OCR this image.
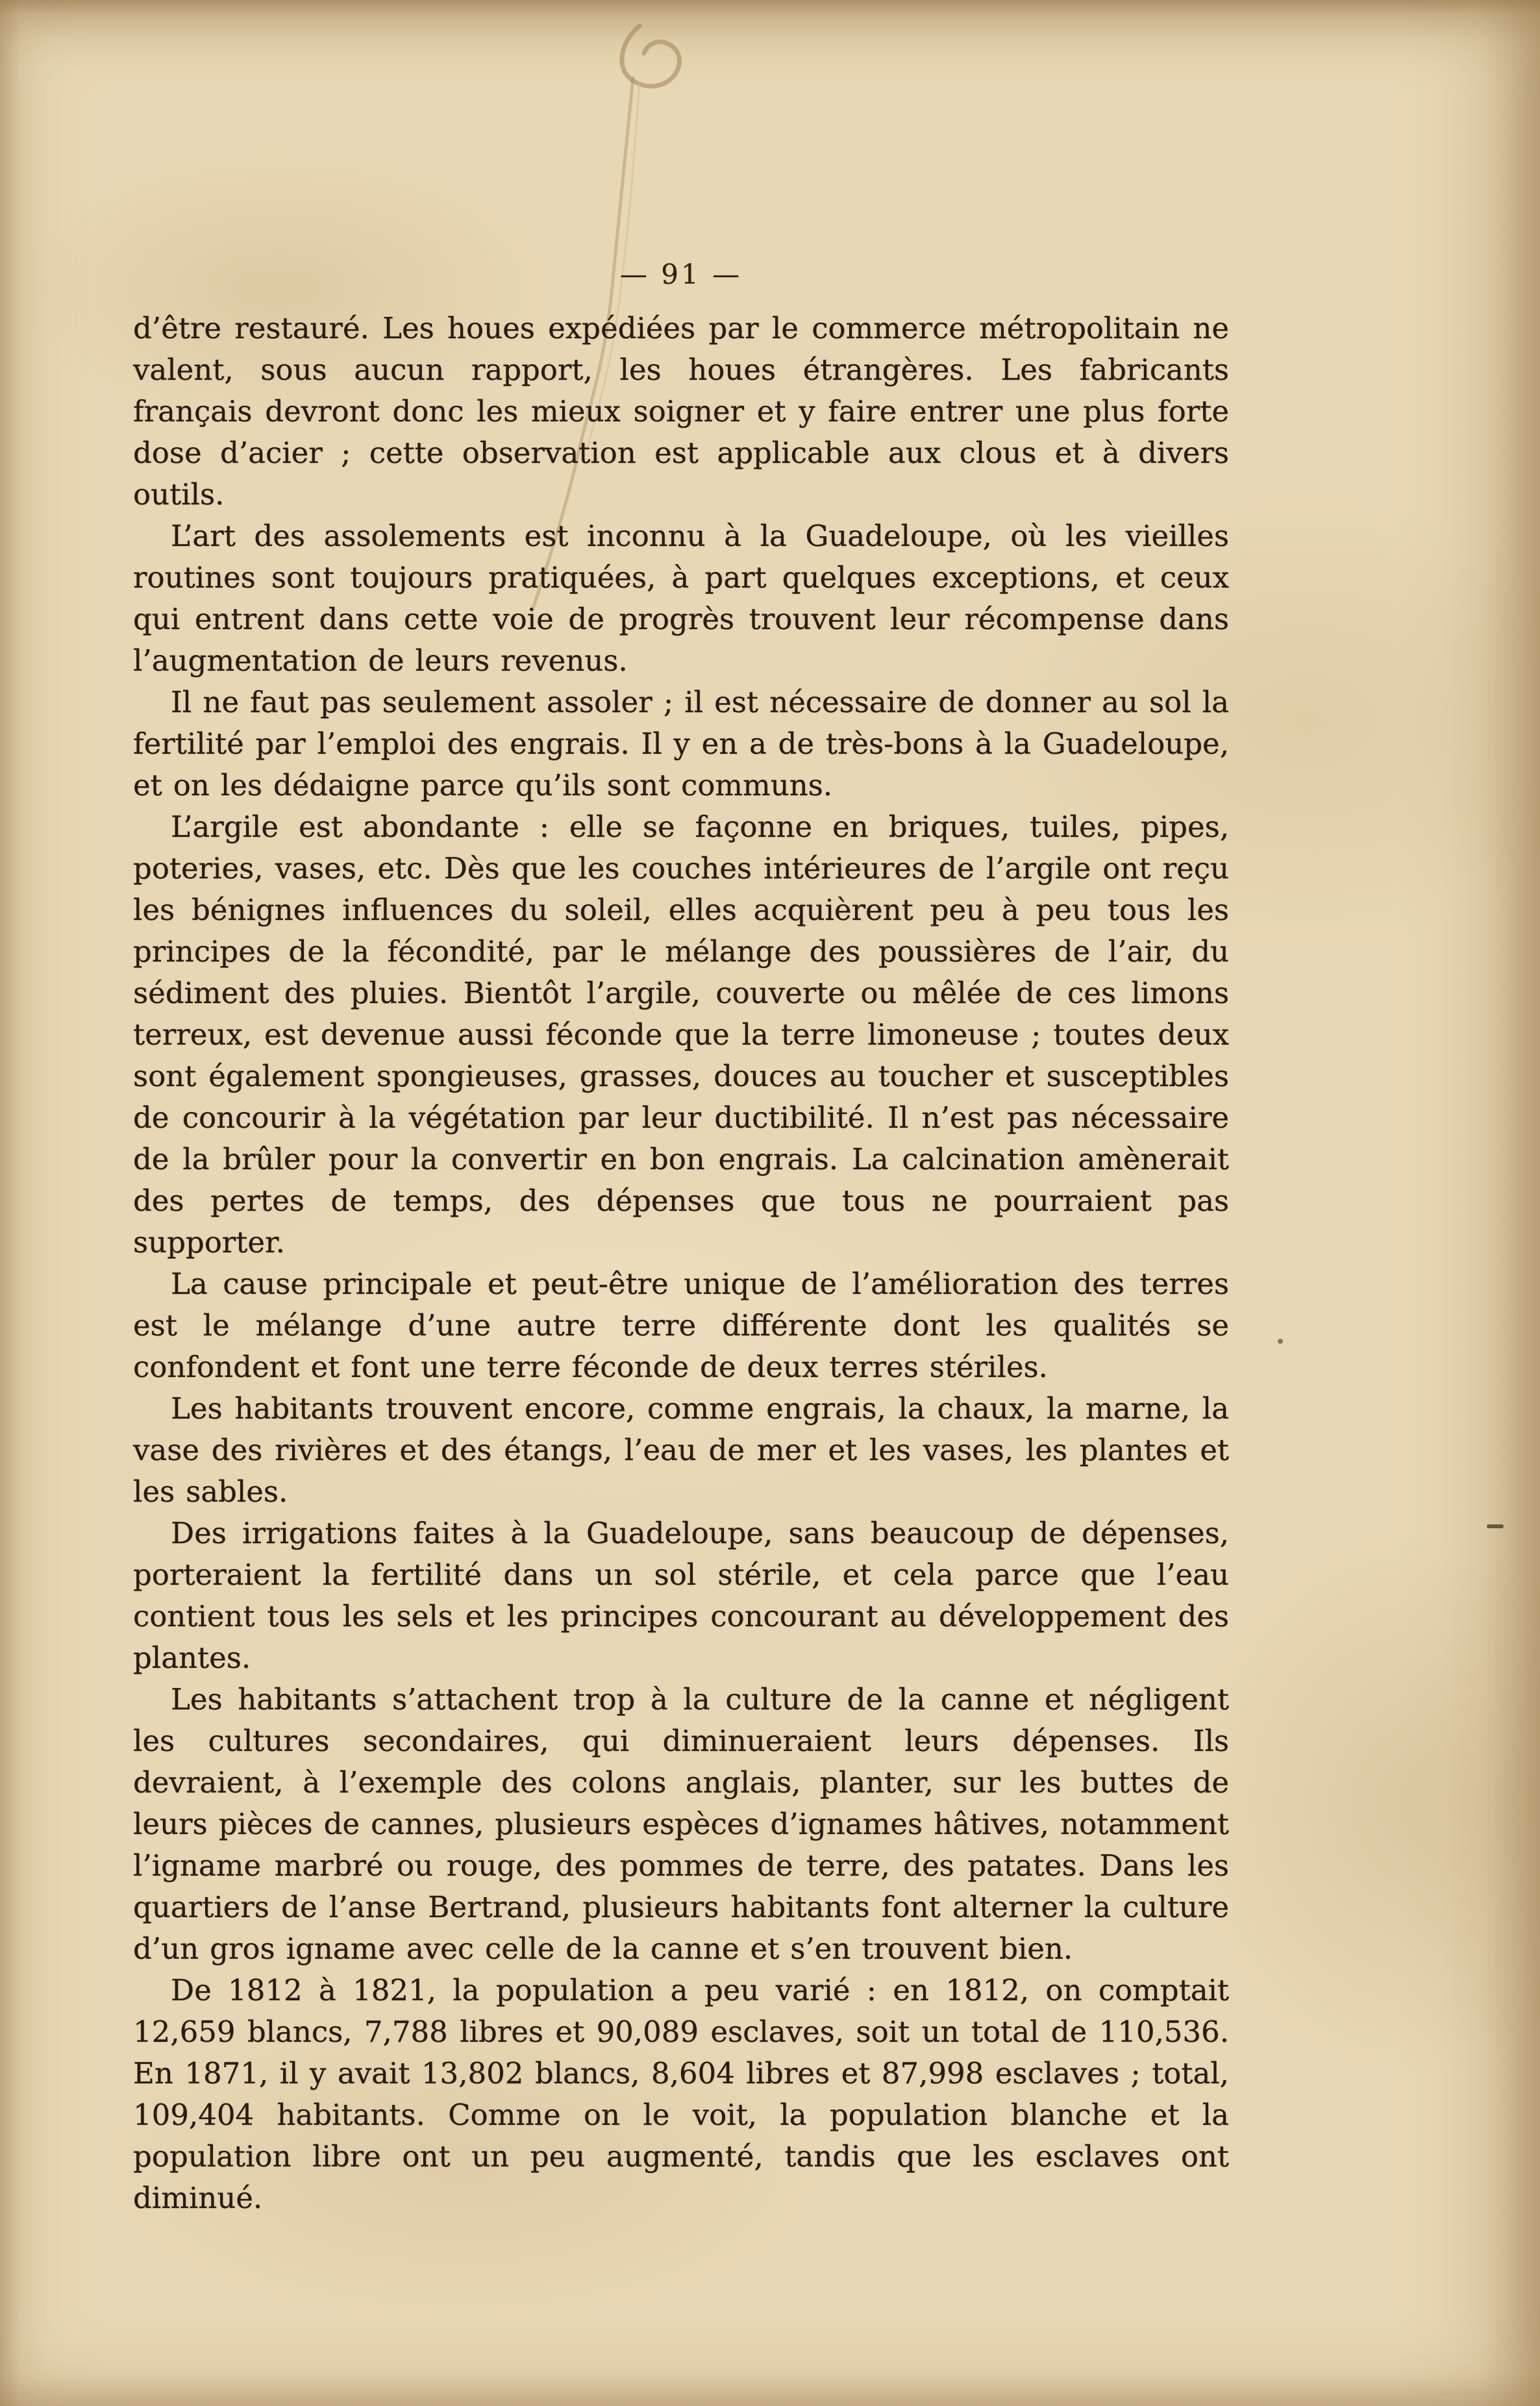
— 91 —

d’être restauré. Les houes expédiées par le commerce métropolitain ne valent, sous aucun rapport, les houes étrangères. Les fabricants français devront donc les mieux soigner et y faire entrer une plus forte dose d’acier ; cette observation est applicable aux clous et à divers outils.

L’art des assolements est inconnu à la Guadeloupe, où les vieilles routines sont toujours pratiquées, à part quelques exceptions, et ceux qui entrent dans cette voie de progrès trouvent leur récompense dans l’augmentation de leurs revenus.

Il ne faut pas seulement assoler ; il est nécessaire de donner au sol la fertilité par l’emploi des engrais. Il y en a de très-bons à la Guadeloupe, et on les dédaigne parce qu’ils sont communs.

L’argile est abondante : elle se façonne en briques, tuiles, pipes, poteries, vases, etc. Dès que les couches intérieures de l’argile ont reçu les bénignes influences du soleil, elles acquièrent peu à peu tous les principes de la fécondité, par le mélange des poussières de l’air, du sédiment des pluies. Bientôt l’argile, couverte ou mêlée de ces limons terreux, est devenue aussi féconde que la terre limoneuse ; toutes deux sont également spongieuses, grasses, douces au toucher et susceptibles de concourir à la végétation par leur ductibilité. Il n’est pas nécessaire de la brûler pour la convertir en bon engrais. La calcination amènerait des pertes de temps, des dépenses que tous ne pourraient pas supporter.

La cause principale et peut-être unique de l’amélioration des terres est le mélange d’une autre terre différente dont les qualités se confondent et font une terre féconde de deux terres stériles.

Les habitants trouvent encore, comme engrais, la chaux, la marne, la vase des rivières et des étangs, l’eau de mer et les vases, les plantes et les sables.

Des irrigations faites à la Guadeloupe, sans beaucoup de dépenses, porteraient la fertilité dans un sol stérile, et cela parce que l’eau contient tous les sels et les principes concourant au développement des plantes.

Les habitants s’attachent trop à la culture de la canne et négligent les cultures secondaires, qui diminueraient leurs dépenses. Ils devraient, à l’exemple des colons anglais, planter, sur les buttes de leurs pièces de cannes, plusieurs espèces d’ignames hâtives, notamment l’igname marbré ou rouge, des pommes de terre, des patates. Dans les quartiers de l’anse Bertrand, plusieurs habitants font alterner la culture d’un gros igname avec celle de la canne et s’en trouvent bien.

De 1812 à 1821, la population a peu varié : en 1812, on comptait 12,659 blancs, 7,788 libres et 90,089 esclaves, soit un total de 110,536. En 1871, il y avait 13,802 blancs, 8,604 libres et 87,998 esclaves ; total, 109,404 habitants. Comme on le voit, la population blanche et la population libre ont un peu augmenté, tandis que les esclaves ont diminué.
